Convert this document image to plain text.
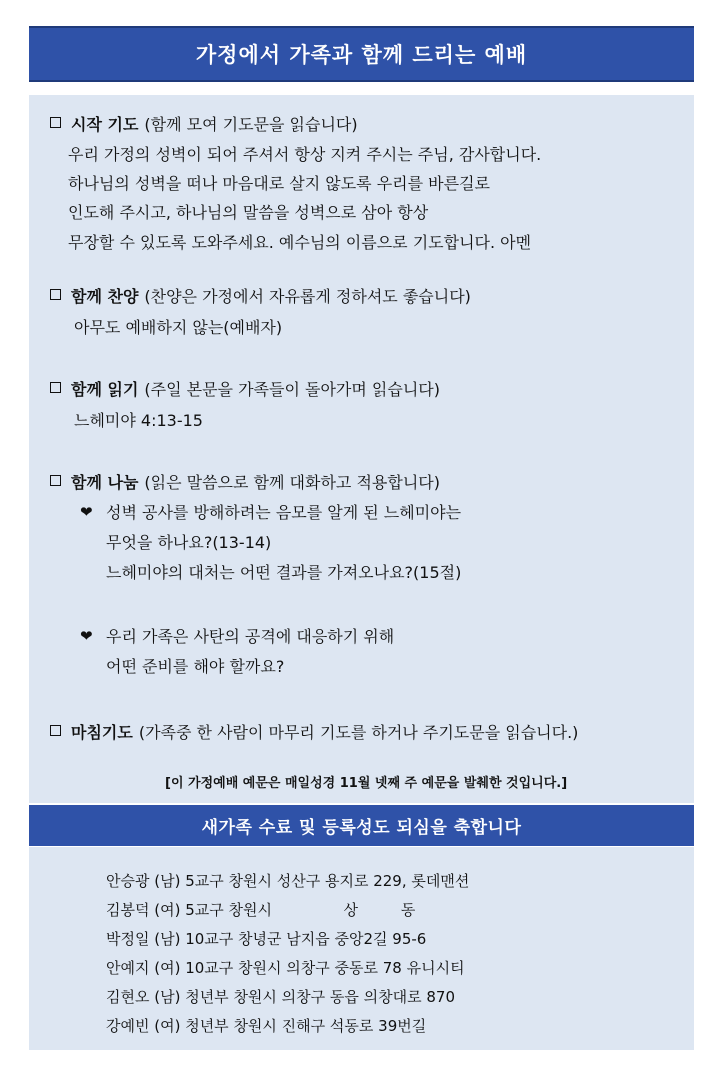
가정에서 가족과 함께 드리는 예배
시작 기도 (함께 모여 기도문을 읽습니다)
우리 가정의 성벽이 되어 주셔서 항상 지켜 주시는 주님, 감사합니다.
하나님의 성벽을 떠나 마음대로 살지 않도록 우리를 바른길로
인도해 주시고, 하나님의 말씀을 성벽으로 삼아 항상
무장할 수 있도록 도와주세요. 예수님의 이름으로 기도합니다. 아멘
함께 찬양 (찬양은 가정에서 자유롭게 정하셔도 좋습니다)
아무도 예배하지 않는(예배자)
함께 읽기 (주일 본문을 가족들이 돌아가며 읽습니다)
느헤미야 4:13-15
함께 나눔 (읽은 말씀으로 함께 대화하고 적용합니다)
❤ 성벽 공사를 방해하려는 음모를 알게 된 느헤미야는
무엇을 하나요?(13-14)
느헤미야의 대처는 어떤 결과를 가져오나요?(15절)
❤ 우리 가족은 사탄의 공격에 대응하기 위해
어떤 준비를 해야 할까요?
마침기도 (가족중 한 사람이 마무리 기도를 하거나 주기도문을 읽습니다.)
[이 가정예배 예문은 매일성경 11월 넷째 주 예문을 발췌한 것입니다.]
새가족 수료 및 등록성도 되심을 축합니다
안승광 (남) 5교구 창원시 성산구 용지로 229, 롯데맨션
김봉덕 (여) 5교구 창원시               상         동
박정일 (남) 10교구 창녕군 남지읍 중앙2길 95-6
안예지 (여) 10교구 창원시 의창구 중동로 78 유니시티
김현오 (남) 청년부 창원시 의창구 동읍 의창대로 870
강예빈 (여) 청년부 창원시 진해구 석동로 39번길
